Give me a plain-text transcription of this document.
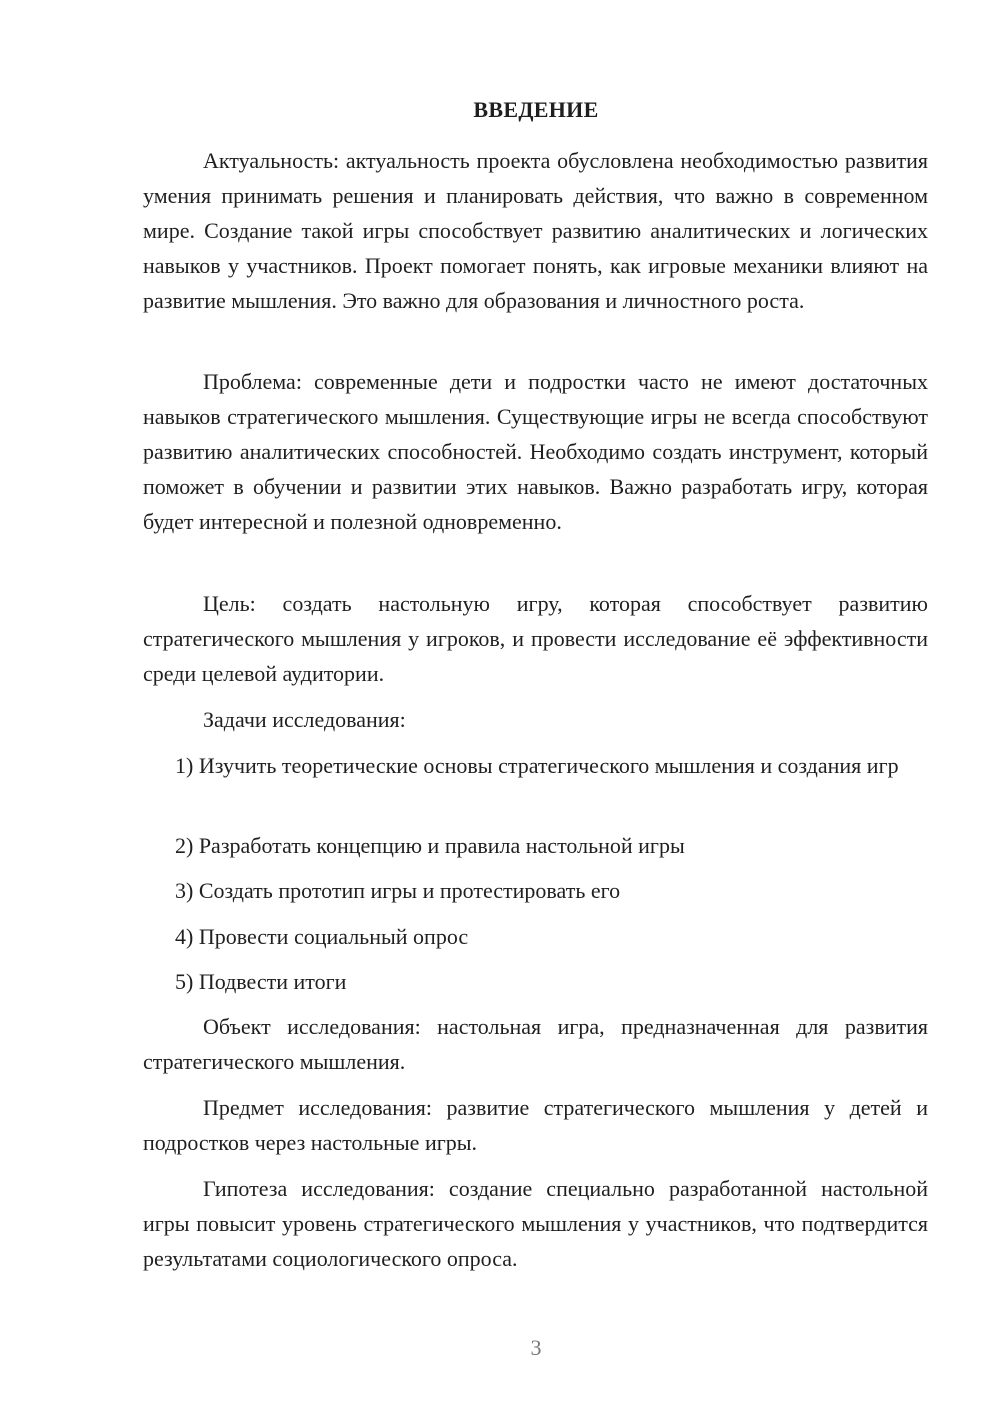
ВВЕДЕНИЕ

Актуальность: актуальность проекта обусловлена необходимостью развития умения принимать решения и планировать действия, что важно в современном мире. Создание такой игры способствует развитию аналитических и логических навыков у участников. Проект помогает понять, как игровые механики влияют на развитие мышления. Это важно для образования и личностного роста.

Проблема: современные дети и подростки часто не имеют достаточных навыков стратегического мышления. Существующие игры не всегда способствуют развитию аналитических способностей. Необходимо создать инструмент, который поможет в обучении и развитии этих навыков. Важно разработать игру, которая будет интересной и полезной одновременно.

Цель: создать настольную игру, которая способствует развитию стратегического мышления у игроков, и провести исследование её эффективности среди целевой аудитории.

Задачи исследования:

1) Изучить теоретические основы стратегического мышления и создания игр

2) Разработать концепцию и правила настольной игры

3) Создать прототип игры и протестировать его

4) Провести социальный опрос

5) Подвести итоги

Объект исследования: настольная игра, предназначенная для развития стратегического мышления.

Предмет исследования: развитие стратегического мышления у детей и подростков через настольные игры.

Гипотеза исследования: создание специально разработанной настольной игры повысит уровень стратегического мышления у участников, что подтвердится результатами социологического опроса.

3
